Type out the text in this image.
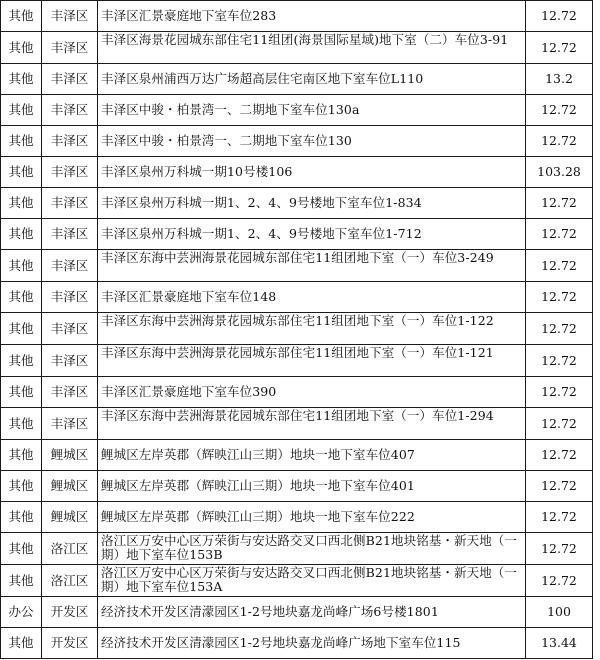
其他	丰泽区	丰泽区汇景豪庭地下室车位283	12.72
其他	丰泽区	丰泽区海景花园城东部住宅11组团(海景国际星域)地下室（二）车位3-91	12.72
其他	丰泽区	丰泽区泉州浦西万达广场超高层住宅南区地下室车位L110	13.2
其他	丰泽区	丰泽区中骏・柏景湾一、二期地下室车位130a	12.72
其他	丰泽区	丰泽区中骏・柏景湾一、二期地下室车位130	12.72
其他	丰泽区	丰泽区泉州万科城一期10号楼106	103.28
其他	丰泽区	丰泽区泉州万科城一期1、2、4、9号楼地下室车位1-834	12.72
其他	丰泽区	丰泽区泉州万科城一期1、2、4、9号楼地下室车位1-712	12.72
其他	丰泽区	丰泽区东海中芸洲海景花园城东部住宅11组团地下室（一）车位3-249	12.72
其他	丰泽区	丰泽区汇景豪庭地下室车位148	12.72
其他	丰泽区	丰泽区东海中芸洲海景花园城东部住宅11组团地下室（一）车位1-122	12.72
其他	丰泽区	丰泽区东海中芸洲海景花园城东部住宅11组团地下室（一）车位1-121	12.72
其他	丰泽区	丰泽区汇景豪庭地下室车位390	12.72
其他	丰泽区	丰泽区东海中芸洲海景花园城东部住宅11组团地下室（一）车位1-294	12.72
其他	鲤城区	鲤城区左岸英郡（辉映江山三期）地块一地下室车位407	12.72
其他	鲤城区	鲤城区左岸英郡（辉映江山三期）地块一地下室车位401	12.72
其他	鲤城区	鲤城区左岸英郡（辉映江山三期）地块一地下室车位222	12.72
其他	洛江区	洛江区万安中心区万荣街与安达路交叉口西北侧B21地块铭基・新天地（一期）地下室车位153B	12.72
其他	洛江区	洛江区万安中心区万荣街与安达路交叉口西北侧B21地块铭基・新天地（一期）地下室车位153A	12.72
办公	开发区	经济技术开发区清濛园区1-2号地块嘉龙尚峰广场6号楼1801	100
其他	开发区	经济技术开发区清濛园区1-2号地块嘉龙尚峰广场地下室车位115	13.44
